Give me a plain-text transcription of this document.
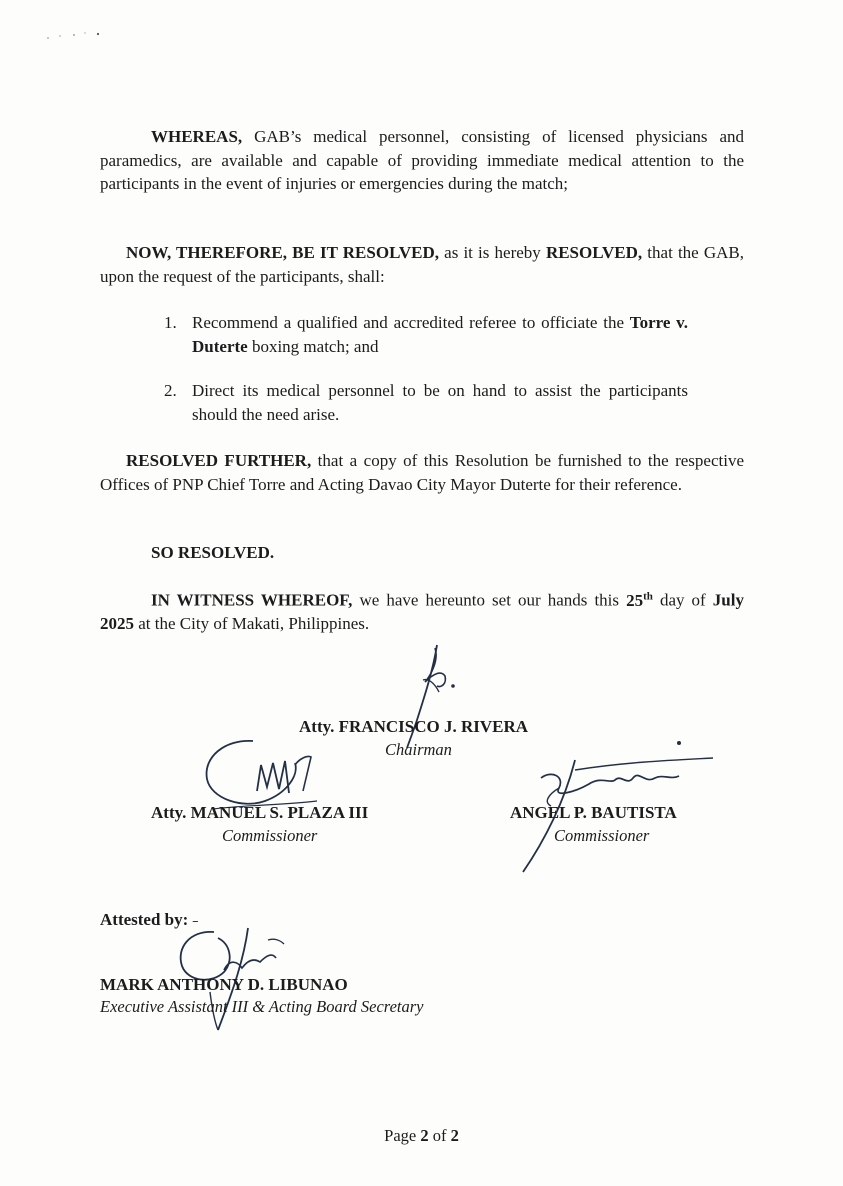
WHEREAS, GAB’s medical personnel, consisting of licensed physicians and paramedics, are available and capable of providing immediate medical attention to the participants in the event of injuries or emergencies during the match;

NOW, THEREFORE, BE IT RESOLVED, as it is hereby RESOLVED, that the GAB, upon the request of the participants, shall:

1. Recommend a qualified and accredited referee to officiate the Torre v. Duterte boxing match; and
2. Direct its medical personnel to be on hand to assist the participants should the need arise.

RESOLVED FURTHER, that a copy of this Resolution be furnished to the respective Offices of PNP Chief Torre and Acting Davao City Mayor Duterte for their reference.

SO RESOLVED.

IN WITNESS WHEREOF, we have hereunto set our hands this 25th day of July 2025 at the City of Makati, Philippines.

Atty. FRANCISCO J. RIVERA
Chairman
Atty. MANUEL S. PLAZA III
Commissioner
ANGEL P. BAUTISTA
Commissioner
Attested by: ˗
MARK ANTHONY D. LIBUNAO
Executive Assistant III & Acting Board Secretary
Page 2 of 2
